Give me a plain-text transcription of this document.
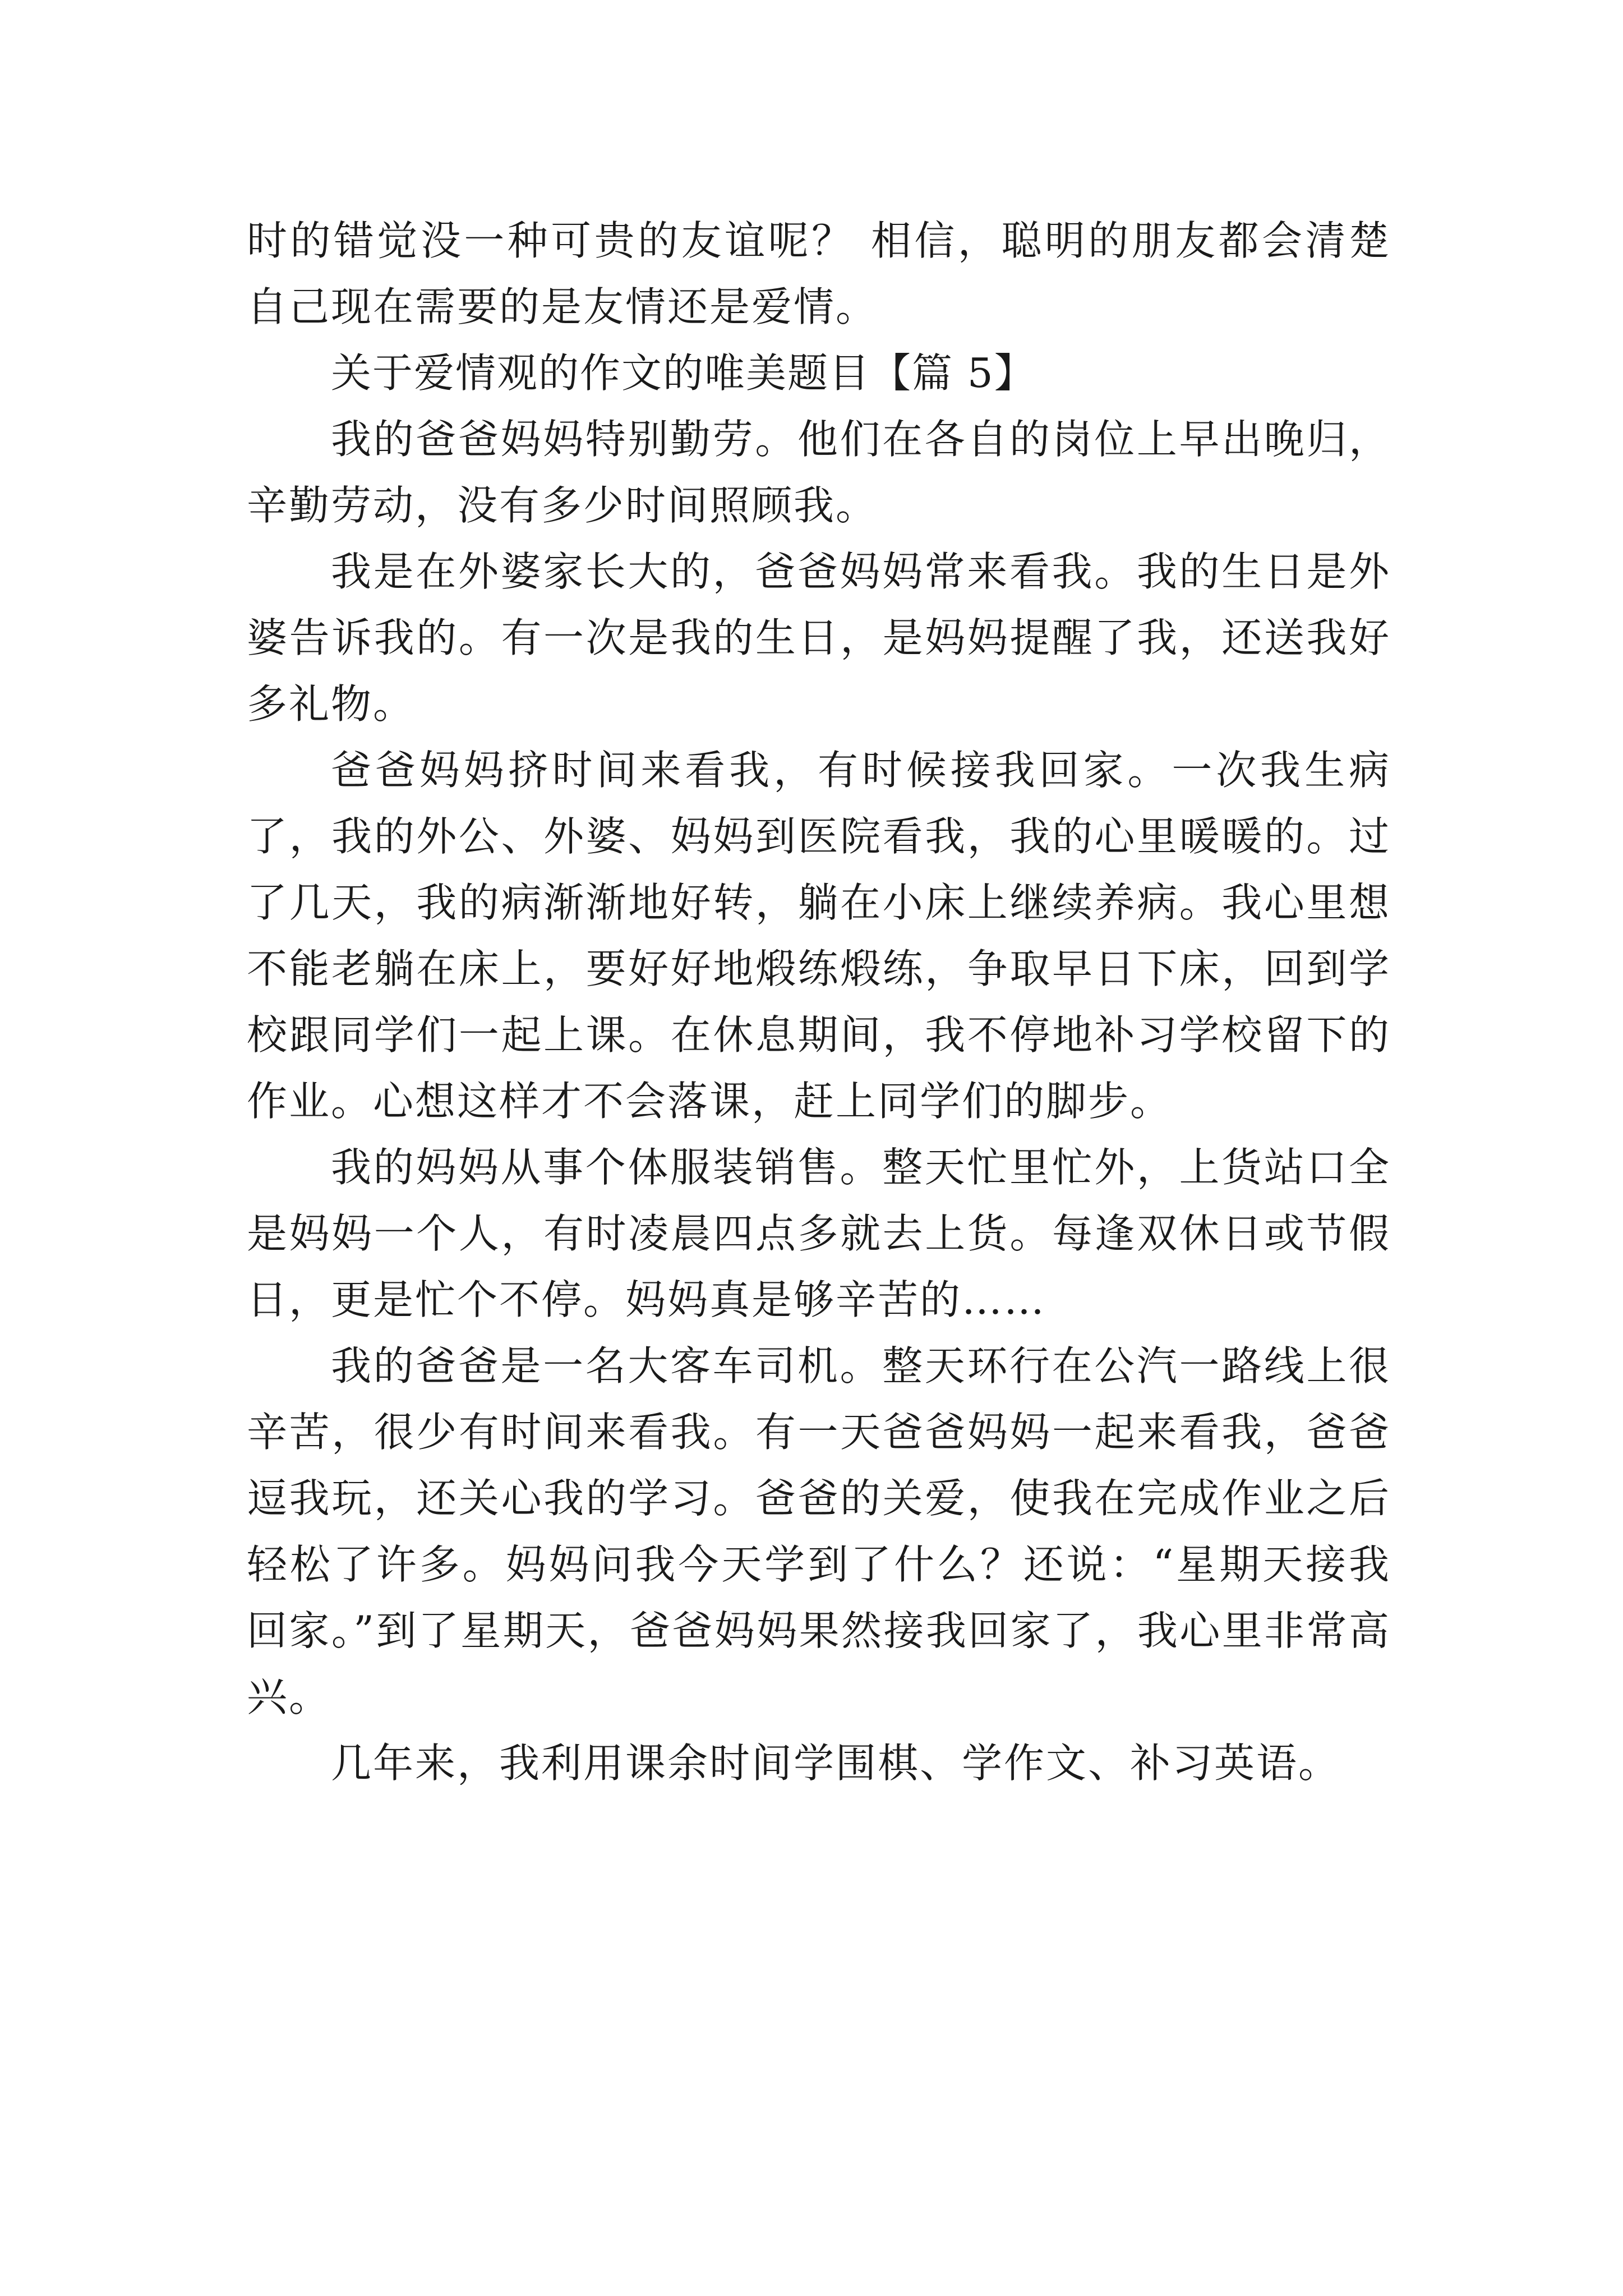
时的错觉没一种可贵的友谊呢？ 相信，聪明的朋友都会清楚自己现在需要的是友情还是爱情。

关于爱情观的作文的唯美题目【篇 5】

我的爸爸妈妈特别勤劳。他们在各自的岗位上早出晚归，辛勤劳动，没有多少时间照顾我。

我是在外婆家长大的，爸爸妈妈常来看我。我的生日是外婆告诉我的。有一次是我的生日，是妈妈提醒了我，还送我好多礼物。

爸爸妈妈挤时间来看我，有时候接我回家。一次我生病了，我的外公、外婆、妈妈到医院看我，我的心里暖暖的。过了几天，我的病渐渐地好转，躺在小床上继续养病。我心里想不能老躺在床上，要好好地煅练煅练，争取早日下床，回到学校跟同学们一起上课。在休息期间，我不停地补习学校留下的作业。心想这样才不会落课，赶上同学们的脚步。

我的妈妈从事个体服装销售。整天忙里忙外，上货站口全是妈妈一个人，有时凌晨四点多就去上货。每逢双休日或节假日，更是忙个不停。妈妈真是够辛苦的……

我的爸爸是一名大客车司机。整天环行在公汽一路线上很辛苦，很少有时间来看我。有一天爸爸妈妈一起来看我，爸爸逗我玩，还关心我的学习。爸爸的关爱，使我在完成作业之后轻松了许多。妈妈问我今天学到了什么？还说：“星期天接我回家。”到了星期天，爸爸妈妈果然接我回家了，我心里非常高兴。

几年来，我利用课余时间学围棋、学作文、补习英语。
